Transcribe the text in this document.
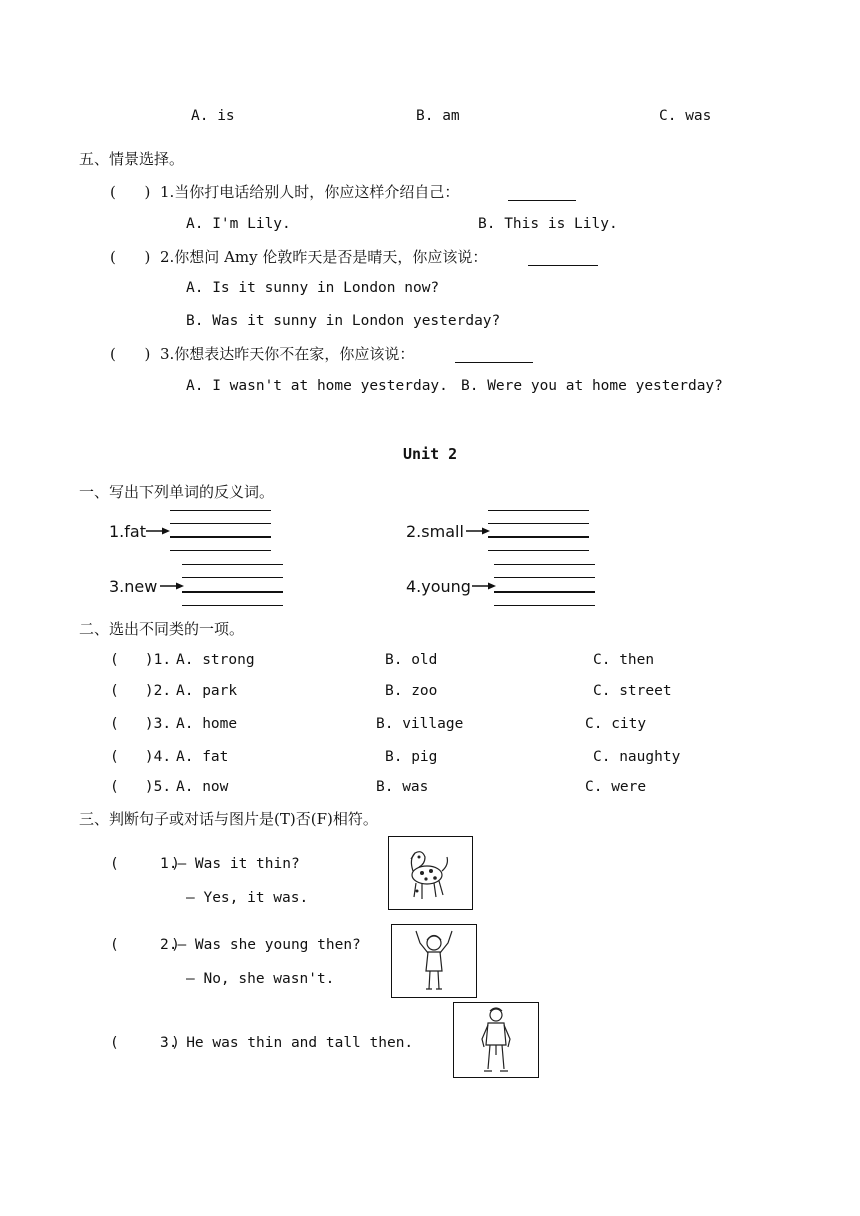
A. is	B. am	C. was
五、情景选择。
(      ) 1.当你打电话给别人时，你应这样介绍自己：
A. I'm Lily.	B. This is Lily.
(      ) 2.你想问 Amy 伦敦昨天是否是晴天，你应该说：
A. Is it sunny in London now?
B. Was it sunny in London yesterday?
(      ) 3.你想表达昨天你不在家，你应该说：
A. I wasn't at home yesterday. B. Were you at home yesterday?
Unit 2
一、写出下列单词的反义词。
1.fat	2.small
3.new	4.young
二、选出不同类的一项。
(   )1. A. strong	B. old	C. then
(   )2. A. park	B. zoo	C. street
(   )3. A. home	B. village	C. city
(   )4. A. fat	B. pig	C. naughty
(   )5. A. now	B. was	C. were
三、判断句子或对话与图片是(T)否(F)相符。
(      )
1.— Was it thin?
— Yes, it was.
(      )
2.— Was she young then?
— No, she wasn't.
(      )
3. He was thin and tall then.
